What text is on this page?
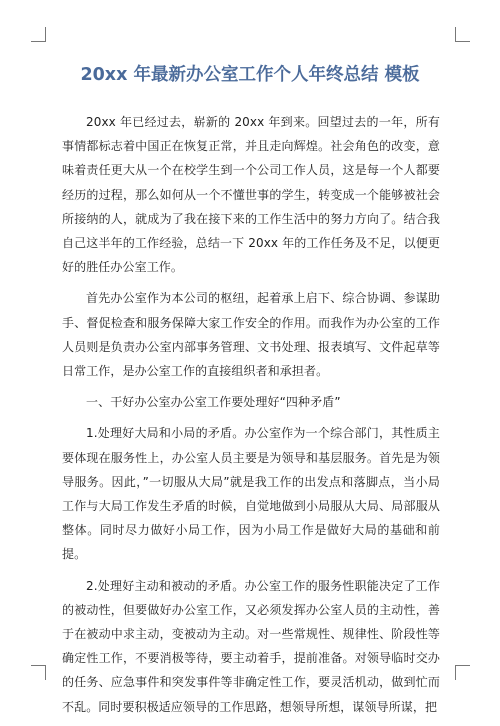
20xx 年最新办公室工作个人年终总结 模板

20xx 年已经过去，崭新的 20xx 年到来。回望过去的一年，所有事情都标志着中国正在恢复正常，并且走向辉煌。社会角色的改变，意味着责任更大从一个在校学生到一个公司工作人员，这是每一个人都要经历的过程，那么如何从一个不懂世事的学生，转变成一个能够被社会所接纳的人，就成为了我在接下来的工作生活中的努力方向了。结合我自己这半年的工作经验，总结一下 20xx 年的工作任务及不足，以便更好的胜任办公室工作。

首先办公室作为本公司的枢纽，起着承上启下、综合协调、参谋助手、督促检查和服务保障大家工作安全的作用。而我作为办公室的工作人员则是负责办公室内部事务管理、文书处理、报表填写、文件起草等日常工作，是办公室工作的直接组织者和承担者。

一、干好办公室办公室工作要处理好“四种矛盾”

1.处理好大局和小局的矛盾。办公室作为一个综合部门，其性质主要体现在服务性上，办公室人员主要是为领导和基层服务。首先是为领导服务。因此，”一切服从大局”就是我工作的出发点和落脚点，当小局工作与大局工作发生矛盾的时候，自觉地做到小局服从大局、局部服从整体。同时尽力做好小局工作，因为小局工作是做好大局的基础和前提。

2.处理好主动和被动的矛盾。办公室工作的服务性职能决定了工作的被动性，但要做好办公室工作，又必须发挥办公室人员的主动性，善于在被动中求主动，变被动为主动。对一些常规性、规律性、阶段性等确定性工作，不要消极等待，要主动着手，提前准备。对领导临时交办的任务、应急事件和突发事件等非确定性工作，要灵活机动，做到忙而不乱。同时要积极适应领导的工作思路，想领导所想，谋领导所谋，把
